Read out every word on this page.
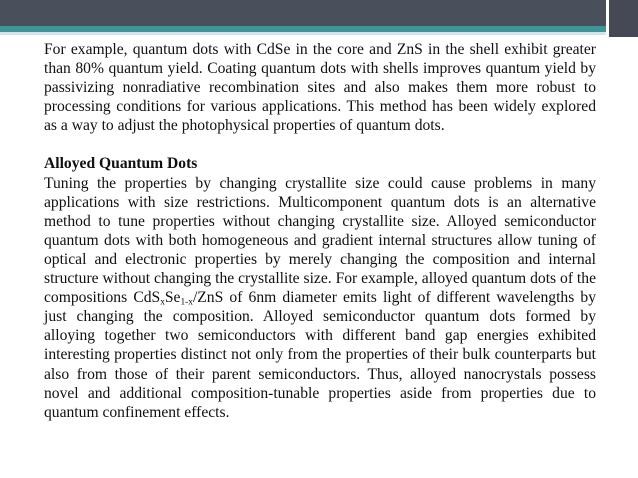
For example, quantum dots with CdSe in the core and ZnS in the shell exhibit greater than 80% quantum yield. Coating quantum dots with shells improves quantum yield by passivizing nonradiative recombination sites and also makes them more robust to processing conditions for various applications. This method has been widely explored as a way to adjust the photophysical properties of quantum dots.

Alloyed Quantum Dots

Tuning the properties by changing crystallite size could cause problems in many applications with size restrictions. Multicomponent quantum dots is an alternative method to tune properties without changing crystallite size. Alloyed semiconductor quantum dots with both homogeneous and gradient internal structures allow tuning of optical and electronic properties by merely changing the composition and internal structure without changing the crystallite size. For example, alloyed quantum dots of the compositions $CdS_xSe_{1-x}$/ZnS of 6nm diameter emits light of different wavelengths by just changing the composition. Alloyed semiconductor quantum dots formed by alloying together two semiconductors with different band gap energies exhibited interesting properties distinct not only from the properties of their bulk counterparts but also from those of their parent semiconductors. Thus, alloyed nanocrystals possess novel and additional composition-tunable properties aside from properties due to quantum confinement effects.
